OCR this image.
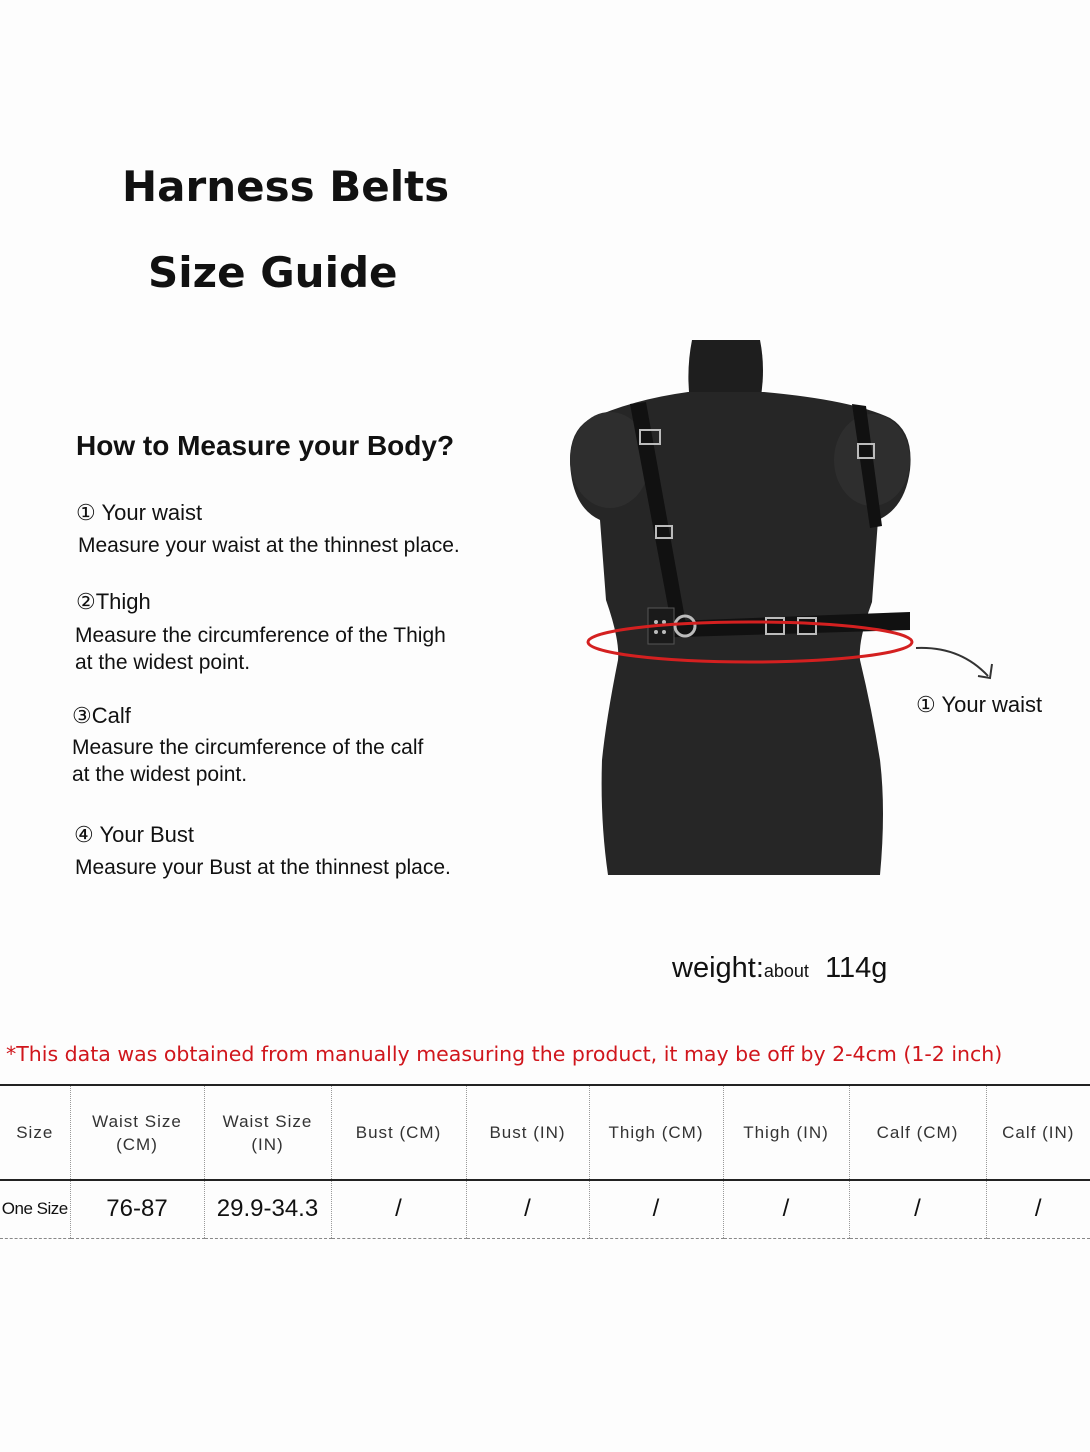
Harness Belts
Size Guide
How to Measure your Body?
① Your waist
Measure your waist at the thinnest place.
②Thigh
Measure the circumference of the Thigh
at the widest point.
③Calf
Measure the circumference of the calf
at the widest point.
④ Your Bust
Measure your Bust at the thinnest place.
① Your waist
weight:about 114g
*This data was obtained from manually measuring the product, it may be off by 2-4cm (1-2 inch)
Size	Waist Size (CM)	Waist Size (IN)	Bust (CM)	Bust (IN)	Thigh (CM)	Thigh (IN)	Calf (CM)	Calf (IN)
One Size	76-87	29.9-34.3	/	/	/	/	/	/
